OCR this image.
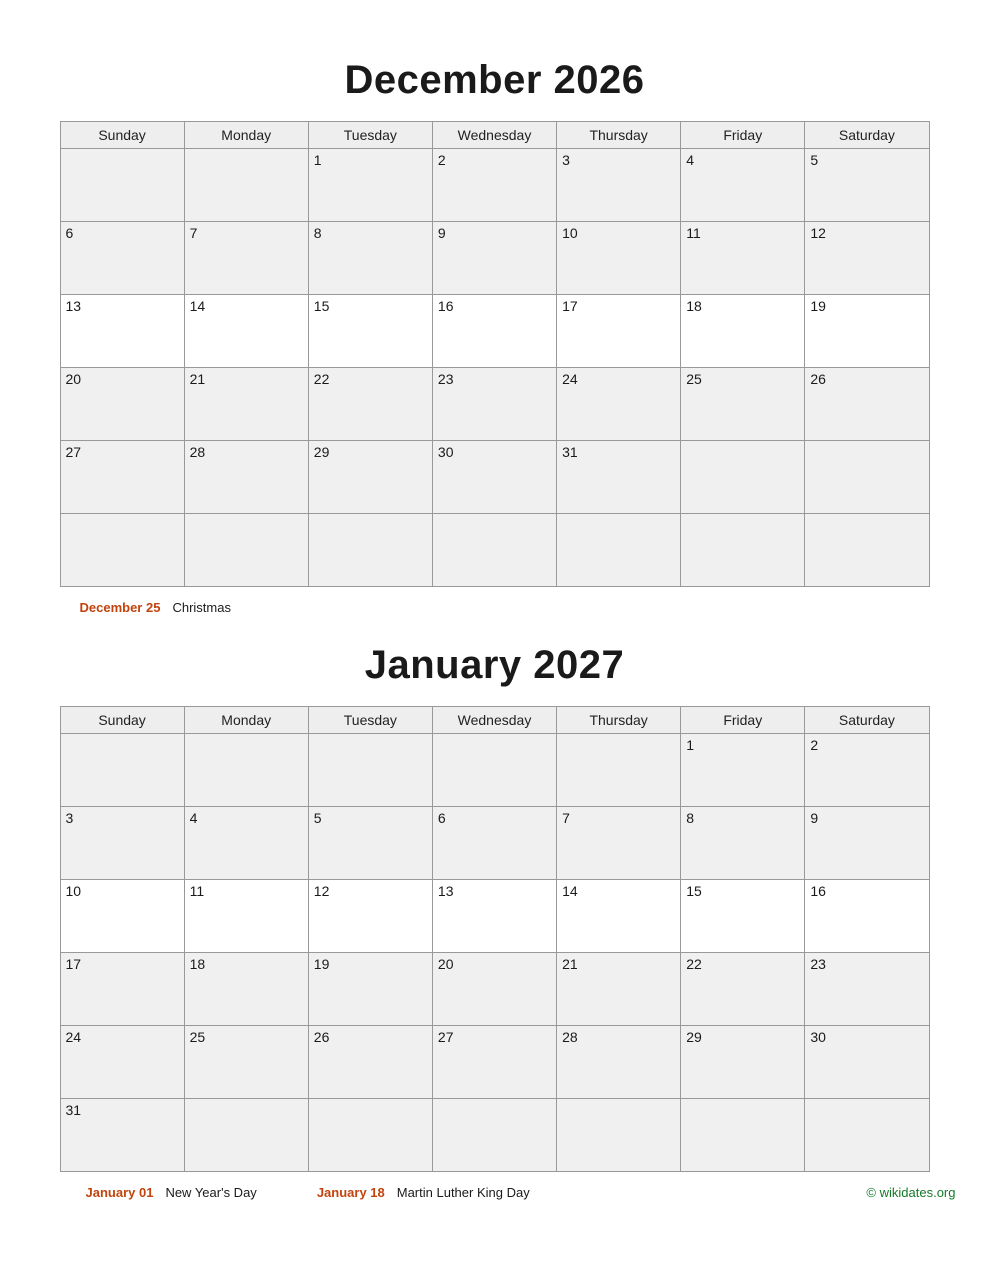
December 2026
Sunday	Monday	Tuesday	Wednesday	Thursday	Friday	Saturday
		1	2	3	4	5
6	7	8	9	10	11	12
13	14	15	16	17	18	19
20	21	22	23	24	25	26
27	28	29	30	31		

December 25 Christmas
January 2027
Sunday	Monday	Tuesday	Wednesday	Thursday	Friday	Saturday
					1	2
3	4	5	6	7	8	9
10	11	12	13	14	15	16
17	18	19	20	21	22	23
24	25	26	27	28	29	30
31						
January 01 New Year's Day	January 18 Martin Luther King Day	© wikidates.org
